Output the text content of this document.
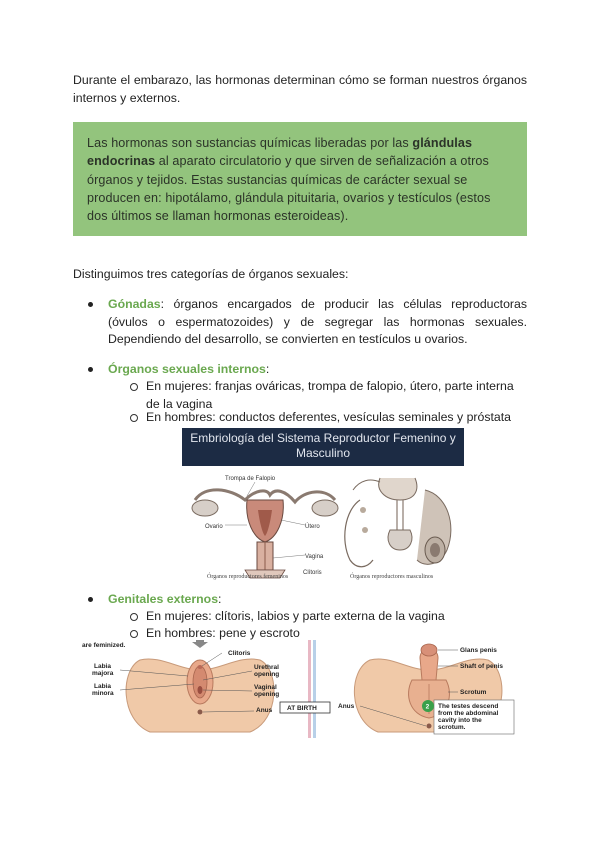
Durante el embarazo, las hormonas determinan cómo se forman nuestros órganos internos y externos.
Las hormonas son sustancias químicas liberadas por las glándulas endocrinas al aparato circulatorio y que sirven de señalización a otros órganos y tejidos. Estas sustancias químicas de carácter sexual se producen en: hipotálamo, glándula pituitaria, ovarios y testículos (estos dos últimos se llaman hormonas esteroideas).
Distinguimos tres categorías de órganos sexuales:
Gónadas: órganos encargados de producir las células reproductoras (óvulos o espermatozoides) y de segregar las hormonas sexuales. Dependiendo del desarrollo, se convierten en testículos u ovarios.
Órganos sexuales internos:
En mujeres: franjas ováricas, trompa de falopio, útero, parte interna de la vagina
En hombres: conductos deferentes, vesículas seminales y próstata
Embriología del Sistema Reproductor Femenino y Masculino
Trompa de Falopio
Ovario	Útero
Vagina
Clítoris
Órganos reproductores femeninos	Órganos reproductores masculinos
Genitales externos:
En mujeres: clítoris, labios y parte externa de la vagina
En hombres: pene y escroto
are feminized.
Clitoris
Labia
majora
Labia
minora
Urethral
opening
Vaginal
opening
Anus AT BIRTH
Glans penis
Shaft of penis
Scrotum
Anus	2 The testes descend
from the abdominal
cavity into the
scrotum.
